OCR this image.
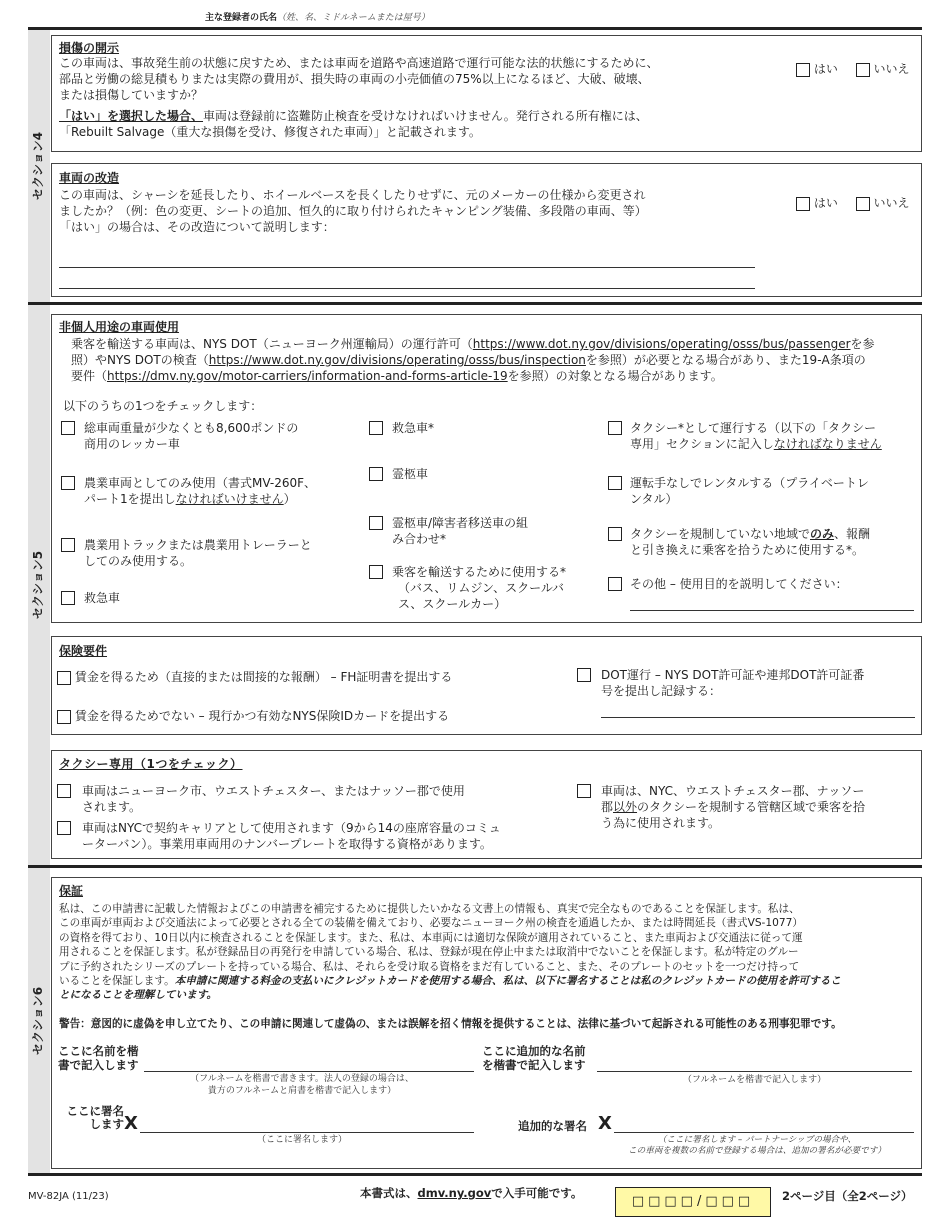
主な登録者の氏名（姓、名、ミドルネームまたは屋号）
セクション4
損傷の開示
この車両は、事故発生前の状態に戻すため、または車両を道路や高速道路で運行可能な法的状態にするために、
部品と労働の総見積もりまたは実際の費用が、損失時の車両の小売価値の75%以上になるほど、大破、破壊、
または損傷していますか？
「はい」を選択した場合、車両は登録前に盗難防止検査を受けなければいけません。発行される所有権には、
「Rebuilt Salvage（重大な損傷を受け、修復された車両）」と記載されます。
はい	いいえ
車両の改造
この車両は、シャーシを延長したり、ホイールベースを長くしたりせずに、元のメーカーの仕様から変更され
ましたか？（例：色の変更、シートの追加、恒久的に取り付けられたキャンピング装備、多段階の車両、等）
「はい」の場合は、その改造について説明します：
はい	いいえ
セクション5
非個人用途の車両使用
乗客を輸送する車両は、NYS DOT（ニューヨーク州運輸局）の運行許可（https://www.dot.ny.gov/divisions/operating/osss/bus/passengerを参
照）やNYS DOTの検査（https://www.dot.ny.gov/divisions/operating/osss/bus/inspectionを参照）が必要となる場合があり、また19-A条項の
要件（https://dmv.ny.gov/motor-carriers/information-and-forms-article-19を参照）の対象となる場合があります。
以下のうちの1つをチェックします：
総車両重量が少なくとも8,600ポンドの
商用のレッカー車
農業車両としてのみ使用（書式MV-260F、
パート1を提出しなければいけません）
農業用トラックまたは農業用トレーラーと
してのみ使用する。
救急車
救急車*
霊柩車
霊柩車/障害者移送車の組
み合わせ*
乗客を輸送するために使用する*
（バス、リムジン、スクールバ
ス、スクールカー）
タクシー*として運行する（以下の「タクシー
専用」セクションに記入しなければなりません
運転手なしでレンタルする（プライベートレ
ンタル）
タクシーを規制していない地域でのみ、報酬
と引き換えに乗客を拾うために使用する*。
その他 – 使用目的を説明してください：
保険要件
賃金を得るため（直接的または間接的な報酬） – FH証明書を提出する
賃金を得るためでない – 現行かつ有効なNYS保険IDカードを提出する
DOT運行 – NYS DOT許可証や連邦DOT許可証番
号を提出し記録する：
タクシー専用（1つをチェック）
車両はニューヨーク市、ウエストチェスター、またはナッソー郡で使用
されます。
車両はNYCで契約キャリアとして使用されます（9から14の座席容量のコミュ
ーターバン）。事業用車両用のナンバープレートを取得する資格があります。
車両は、NYC、ウエストチェスター郡、ナッソー
郡以外のタクシーを規制する管轄区域で乗客を拾
う為に使用されます。
セクション6
保証
私は、この申請書に記載した情報およびこの申請書を補完するために提供したいかなる文書上の情報も、真実で完全なものであることを保証します。私は、
この車両が車両および交通法によって必要とされる全ての装備を備えており、必要なニューヨーク州の検査を通過したか、または時間延長（書式VS-1077）
の資格を得ており、10日以内に検査されることを保証します。また、私は、本車両には適切な保険が適用されていること、また車両および交通法に従って運
用されることを保証します。私が登録品目の再発行を申請している場合、私は、登録が現在停止中または取消中でないことを保証します。私が特定のグルー
プに予約されたシリーズのプレートを持っている場合、私は、それらを受け取る資格をまだ有していること、また、そのプレートのセットを一つだけ持って
いることを保証します。本申請に関連する料金の支払いにクレジットカードを使用する場合、私は、以下に署名することは私のクレジットカードの使用を許可するこ
とになることを理解しています。
警告：意図的に虚偽を申し立てたり、この申請に関連して虚偽の、または誤解を招く情報を提供することは、法律に基づいて起訴される可能性のある刑事犯罪です。
ここに名前を楷
書で記入します
（フルネームを楷書で書きます。法人の登録の場合は、
貴方のフルネームと肩書を楷書で記入します）
ここに追加的な名前
を楷書で記入します
（フルネームを楷書で記入します）
ここに署名
します X
（ここに署名します）
追加的な署名 X
（ここに署名します – パートナーシップの場合や、
この車両を複数の名前で登録する場合は、追加の署名が必要です）
MV-82JA (11/23)	本書式は、dmv.ny.govで入手可能です。
□□□□/□□□	2ページ目（全2ページ）
